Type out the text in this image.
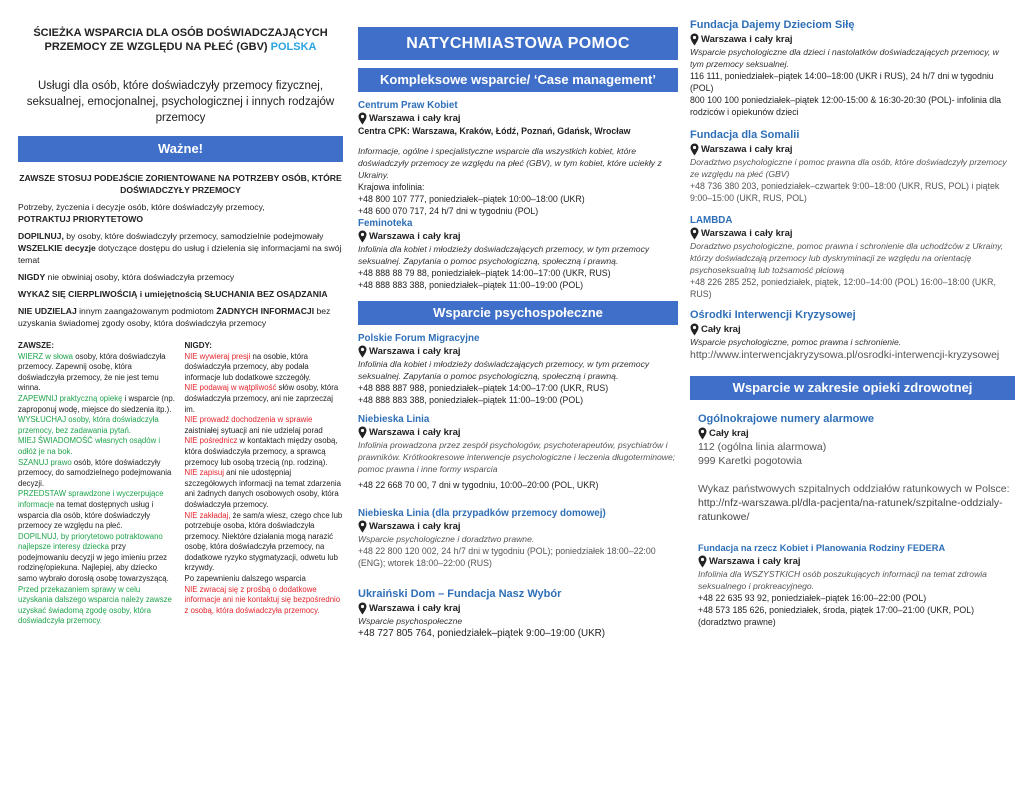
ŚCIEŻKA WSPARCIA DLA OSÓB DOŚWIADCZAJĄCYCH
PRZEMOCY ZE WZGLĘDU NA PŁEĆ (GBV) POLSKA
Usługi dla osób, które doświadczyły przemocy fizycznej, seksualnej, emocjonalnej, psychologicznej i innych rodzajów przemocy
Ważne!
ZAWSZE STOSUJ PODEJŚCIE ZORIENTOWANE NA POTRZEBY OSÓB, KTÓRE DOŚWIADCZYŁY PRZEMOCY
Potrzeby, życzenia i decyzje osób, które doświadczyły przemocy,
POTRAKTUJ PRIORYTETOWO
DOPILNUJ, by osoby, które doświadczyły przemocy, samodzielnie podejmowały WSZELKIE decyzje dotyczące dostępu do usług i dzielenia się informacjami na swój temat
NIGDY nie obwiniaj osoby, która doświadczyła przemocy
WYKAŻ SIĘ CIERPLIWOŚCIĄ i umiejętnością SŁUCHANIA BEZ OSĄDZANIA
NIE UDZIELAJ innym zaangażowanym podmiotom ŻADNYCH INFORMACJI bez uzyskania świadomej zgody osoby, która doświadczyła przemocy
ZAWSZE:
WIERZ w słowa osoby, która doświadczyła przemocy. Zapewnij osobę, która doświadczyła przemocy, że nie jest temu winna.
ZAPEWNIJ praktyczną opiekę i wsparcie (np. zaproponuj wodę, miejsce do siedzenia itp.).
WYSŁUCHAJ osoby, która doświadczyła przemocy, bez zadawania pytań.
MIEJ ŚWIADOMOŚĆ własnych osądów i odłóż je na bok.
SZANUJ prawo osób, które doświadczyły przemocy, do samodzielnego podejmowania decyzji.
PRZEDSTAW sprawdzone i wyczerpujące informacje na temat dostępnych usług i wsparcia dla osób, które doświadczyły przemocy ze względu na płeć.
DOPILNUJ, by priorytetowo potraktowano najlepsze interesy dziecka przy podejmowaniu decyzji w jego imieniu przez rodzinę/opiekuna. Najlepiej, aby dziecko samo wybrało dorosłą osobę towarzyszącą.
Przed przekazaniem sprawy w celu uzyskania dalszego wsparcia należy zawsze uzyskać świadomą zgodę osoby, która doświadczyła przemocy.
NIGDY:
NIE wywieraj presji na osobie, która doświadczyła przemocy, aby podała informacje lub dodatkowe szczegóły.
NIE podawaj w wątpliwość słów osoby, która doświadczyła przemocy, ani nie zaprzeczaj im.
NIE prowadź dochodzenia w sprawie zaistniałej sytuacji ani nie udzielaj porad
NIE pośrednicz w kontaktach między osobą, która doświadczyła przemocy, a sprawcą przemocy lub osobą trzecią (np. rodziną).
NIE zapisuj ani nie udostępniaj szczegółowych informacji na temat zdarzenia ani żadnych danych osobowych osoby, która doświadczyła przemocy.
NIE zakładaj, że sam/a wiesz, czego chce lub potrzebuje osoba, która doświadczyła przemocy. Niektóre działania mogą narazić osobę, która doświadczyła przemocy, na dodatkowe ryzyko stygmatyzacji, odwetu lub krzywdy.
Po zapewnieniu dalszego wsparcia
NIE zwracaj się z prośbą o dodatkowe informacje ani nie kontaktuj się bezpośrednio z osobą, która doświadczyła przemocy.
NATYCHMIASTOWA POMOC
Kompleksowe wsparcie/ ‘Case management’
Centrum Praw Kobiet
Warszawa i cały kraj
Centra CPK: Warszawa, Kraków, Łódź, Poznań, Gdańsk, Wrocław
Informacje, ogólne i specjalistyczne wsparcie dla wszystkich kobiet, które doświadczyły przemocy ze względu na płeć (GBV), w tym kobiet, które uciekły z Ukrainy.
Krajowa infolinia:
+48 800 107 777, poniedziałek–piątek 10:00–18:00 (UKR)
+48 600 070 717, 24 h/7 dni w tygodniu (POL)
Feminoteka
Warszawa i cały kraj
Infolinia dla kobiet i młodzieży doświadczających przemocy, w tym przemocy seksualnej. Zapytania o pomoc psychologiczną, społeczną i prawną.
+48 888 88 79 88, poniedziałek–piątek 14:00–17:00 (UKR, RUS)
+48 888 883 388, poniedziałek–piątek 11:00–19:00 (POL)
Wsparcie psychospołeczne
Polskie Forum Migracyjne
Warszawa i cały kraj
Infolinia dla kobiet i młodzieży doświadczających przemocy, w tym przemocy seksualnej. Zapytania o pomoc psychologiczną, społeczną i prawną.
+48 888 887 988, poniedziałek–piątek 14:00–17:00 (UKR, RUS)
+48 888 883 388, poniedziałek–piątek 11:00–19:00 (POL)
Niebieska Linia
Warszawa i cały kraj
Infolinia prowadzona przez zespół psychologów, psychoterapeutów, psychiatrów i prawników. Krótkookresowe interwencje psychologiczne i leczenia długoterminowe; pomoc prawna i inne formy wsparcia
+48 22 668 70 00, 7 dni w tygodniu, 10:00–20:00 (POL, UKR)
Niebieska Linia (dla przypadków przemocy domowej)
Warszawa i cały kraj
Wsparcie psychologiczne i doradztwo prawne.
+48 22 800 120 002, 24 h/7 dni w tygodniu (POL); poniedziałek 18:00–22:00 (ENG); wtorek 18:00–22:00 (RUS)
Ukraiński Dom – Fundacja Nasz Wybór
Warszawa i cały kraj
Wsparcie psychospołeczne
+48 727 805 764, poniedziałek–piątek 9:00–19:00 (UKR)
Fundacja Dajemy Dzieciom Siłę
Warszawa i cały kraj
Wsparcie psychologiczne dla dzieci i nastolatków doświadczających przemocy, w tym przemocy seksualnej.
116 111, poniedziałek–piątek 14:00–18:00 (UKR i RUS), 24 h/7 dni w tygodniu (POL)
800 100 100 poniedziałek–piątek 12:00-15:00 & 16:30-20:30 (POL)- infolinia dla rodziców i opiekunów dzieci
Fundacja dla Somalii
Warszawa i cały kraj
Doradztwo psychologiczne i pomoc prawna dla osób, które doświadczyły przemocy ze względu na płeć (GBV)
+48 736 380 203, poniedziałek–czwartek 9:00–18:00 (UKR, RUS, POL) i piątek 9:00–15:00 (UKR, RUS, POL)
LAMBDA
Warszawa i cały kraj
Doradztwo psychologiczne, pomoc prawna i schronienie dla uchodźców z Ukrainy, którzy doświadczają przemocy lub dyskryminacji ze względu na orientację psychoseksualną lub tożsamość płciową
+48 226 285 252, poniedziałek, piątek, 12:00–14:00 (POL) 16:00–18:00 (UKR, RUS)
Ośrodki Interwencji Kryzysowej
Cały kraj
Wsparcie psychologiczne, pomoc prawna i schronienie.
http://www.interwencjakryzysowa.pl/osrodki-interwencji-kryzysowej
Wsparcie w zakresie opieki zdrowotnej
Ogólnokrajowe numery alarmowe
Cały kraj
112 (ogólna linia alarmowa)
999 Karetki pogotowia
Wykaz państwowych szpitalnych oddziałów ratunkowych w Polsce:
http://nfz-warszawa.pl/dla-pacjenta/na-ratunek/szpitalne-oddzialy-ratunkowe/
Fundacja na rzecz Kobiet i Planowania Rodziny FEDERA
Warszawa i cały kraj
Infolinia dla WSZYSTKICH osób poszukujących informacji na temat zdrowia seksualnego i prokreacyjnego.
+48 22 635 93 92, poniedziałek–piątek 16:00–22:00 (POL)
+48 573 185 626, poniedziałek, środa, piątek 17:00–21:00 (UKR, POL) (doradztwo prawne)
